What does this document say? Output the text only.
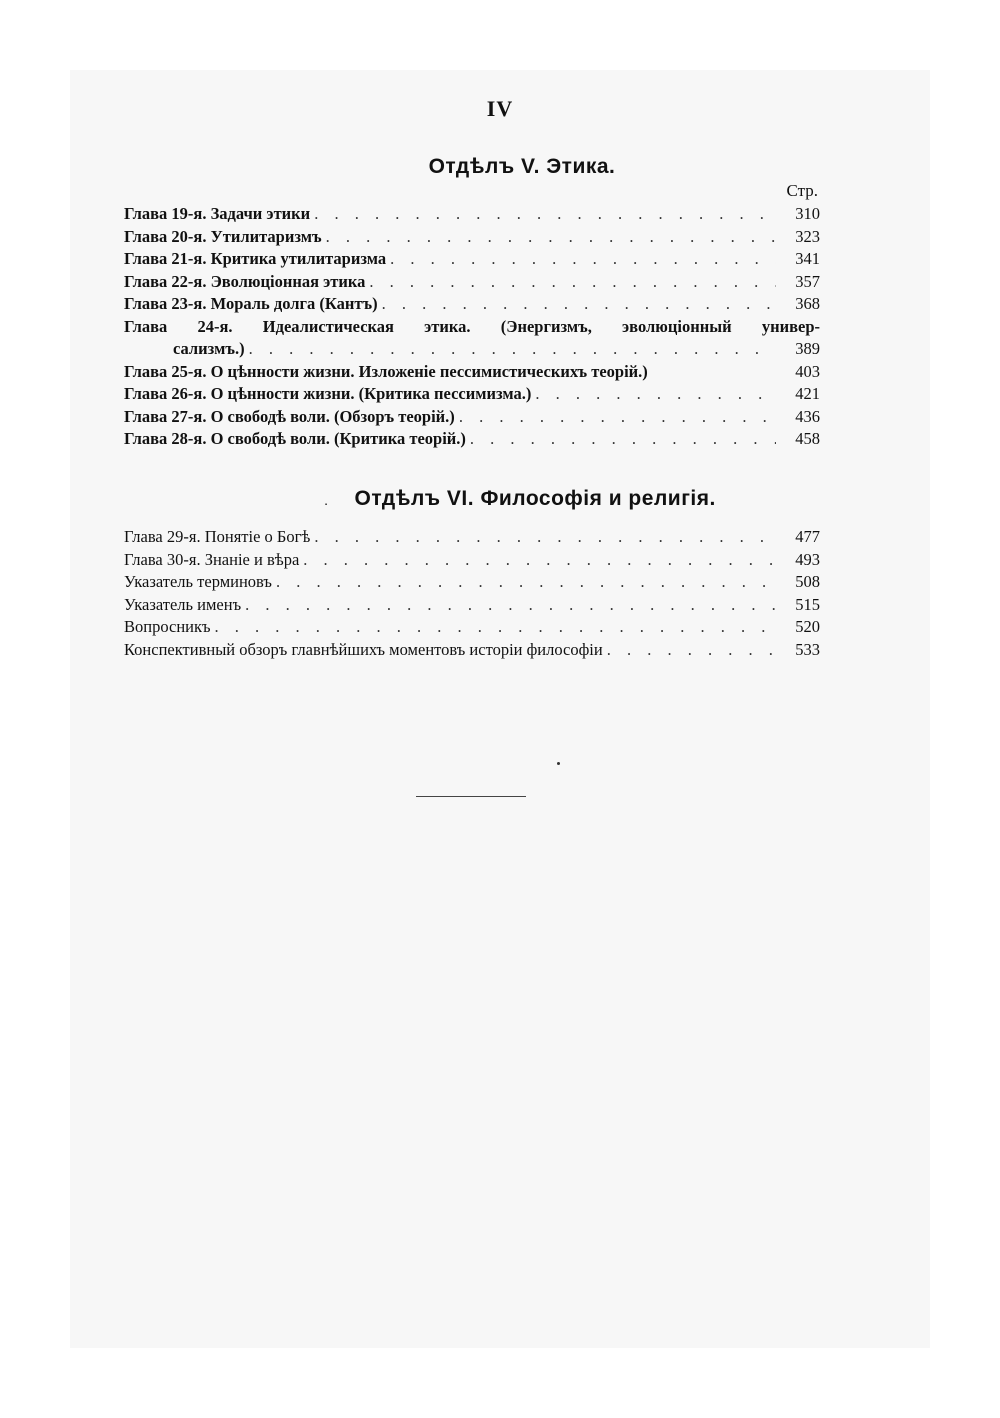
IV
Отдѣлъ V. Этика.
Стр.
Глава 19-я. Задачи этики . . .	310
Глава 20-я. Утилитаризмъ . . .	323
Глава 21-я. Критика утилитаризма . . .	341
Глава 22-я. Эволюціонная этика . . .	357
Глава 23-я. Мораль долга (Кантъ) . . .	368
Глава 24-я. Идеалистическая этика. (Энергизмъ, эволюціонный универ-
сализмъ.) . . .	389
Глава 25-я. О цѣнности жизни. Изложеніе пессимистическихъ теорій.)	403
Глава 26-я. О цѣнности жизни. (Критика пессимизма.) . . .	421
Глава 27-я. О свободѣ воли. (Обзоръ теорій.) . . .	436
Глава 28-я. О свободѣ воли. (Критика теорій.) . . .	458
. Отдѣлъ VI. Философія и религія.
Глава 29-я. Понятіе о Богѣ . . .	477
Глава 30-я. Знаніе и вѣра . . .	493
Указатель терминовъ . . .	508
Указатель именъ . . .	515
Вопросникъ . . .	520
Конспективный обзоръ главнѣйшихъ моментовъ исторіи философіи . . .	533
